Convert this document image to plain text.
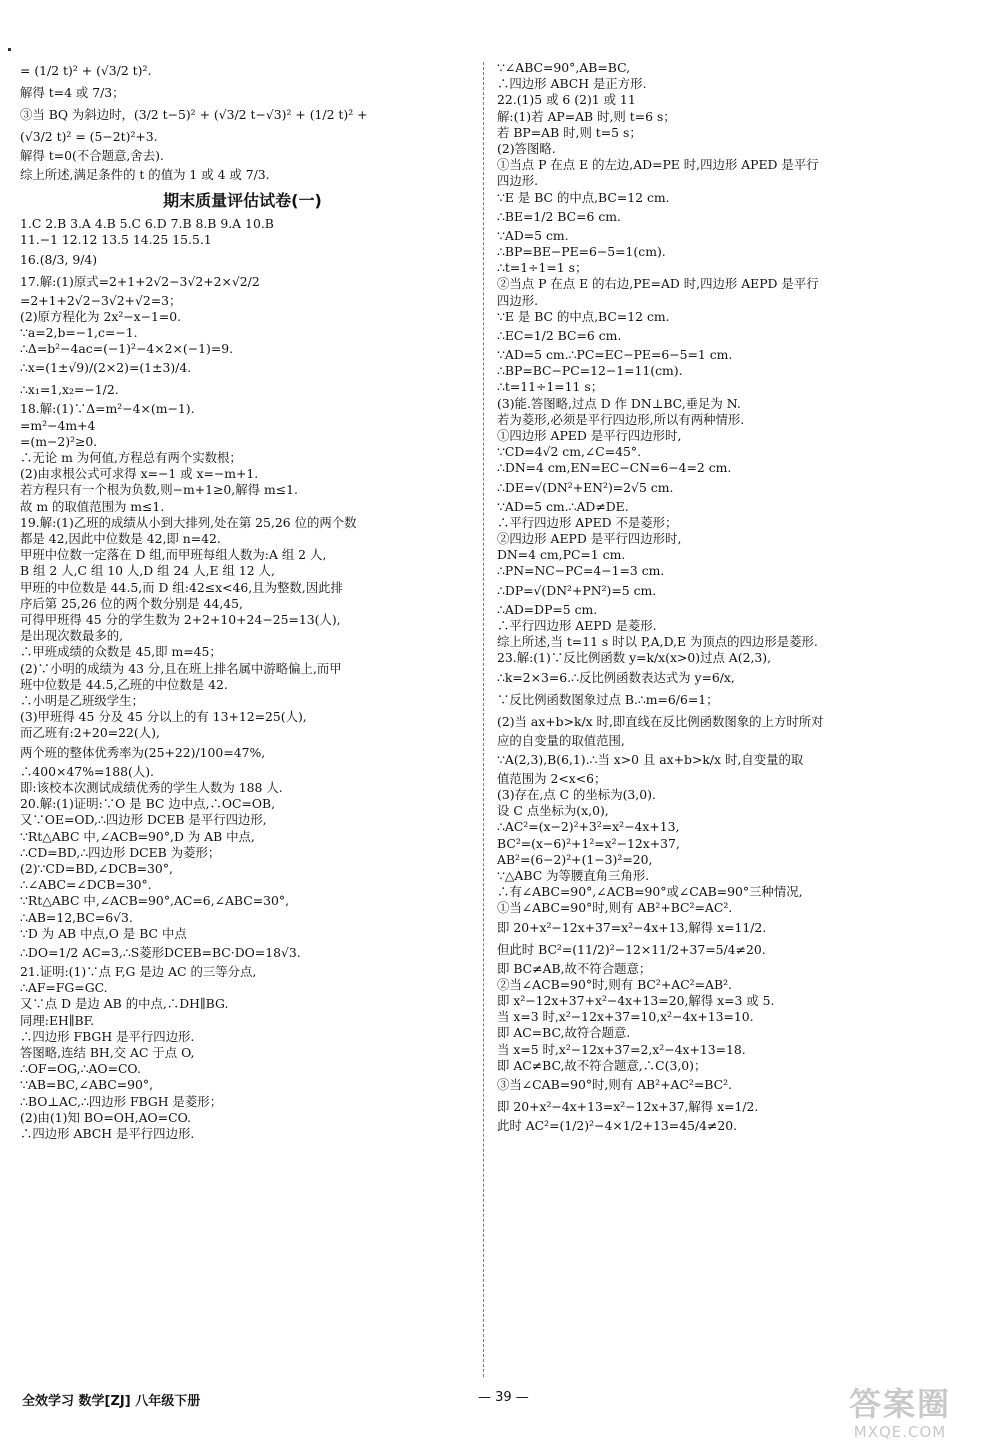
= (1/2 t)² + (√3/2 t)².
解得 t=4 或 7/3；
③当 BQ 为斜边时，(3/2 t−5)² + (√3/2 t−√3)² + (1/2 t)² +
(√3/2 t)² = (5−2t)²+3.
解得 t=0(不合题意,舍去).
综上所述,满足条件的 t 的值为 1 或 4 或 7/3.
期末质量评估试卷(一)
1.C 2.B 3.A 4.B 5.C 6.D 7.B 8.B 9.A 10.B
11.−1 12.12 13.5 14.25 15.5.1
16.(8/3, 9/4)
17.解:(1)原式=2+1+2√2−3√2+2×√2/2
=2+1+2√2−3√2+√2=3；
(2)原方程化为 2x²−x−1=0.
∵a=2,b=−1,c=−1.
∴Δ=b²−4ac=(−1)²−4×2×(−1)=9.
∴x=(1±√9)/(2×2)=(1±3)/4.
∴x₁=1,x₂=−1/2.
18.解:(1)∵Δ=m²−4×(m−1).
=m²−4m+4
=(m−2)²≥0.
∴无论 m 为何值,方程总有两个实数根；
(2)由求根公式可求得 x=−1 或 x=−m+1.
若方程只有一个根为负数,则−m+1≥0,解得 m≤1.
故 m 的取值范围为 m≤1.
19.解:(1)乙班的成绩从小到大排列,处在第 25,26 位的两个数
都是 42,因此中位数是 42,即 n=42.
甲班中位数一定落在 D 组,而甲班每组人数为:A 组 2 人,
B 组 2 人,C 组 10 人,D 组 24 人,E 组 12 人,
甲班的中位数是 44.5,而 D 组:42≤x<46,且为整数,因此排
序后第 25,26 位的两个数分别是 44,45,
可得甲班得 45 分的学生数为 2+2+10+24−25=13(人),
是出现次数最多的,
∴甲班成绩的众数是 45,即 m=45；
(2)∵小明的成绩为 43 分,且在班上排名属中游略偏上,而甲
班中位数是 44.5,乙班的中位数是 42.
∴小明是乙班级学生；
(3)甲班得 45 分及 45 分以上的有 13+12=25(人),
而乙班有:2+20=22(人),
两个班的整体优秀率为(25+22)/100=47%,
∴400×47%=188(人).
即:该校本次测试成绩优秀的学生人数为 188 人.
20.解:(1)证明:∵O 是 BC 边中点,∴OC=OB,
又∵OE=OD,∴四边形 DCEB 是平行四边形,
∵Rt△ABC 中,∠ACB=90°,D 为 AB 中点,
∴CD=BD,∴四边形 DCEB 为菱形；
(2)∵CD=BD,∠DCB=30°,
∴∠ABC=∠DCB=30°.
∵Rt△ABC 中,∠ACB=90°,AC=6,∠ABC=30°,
∴AB=12,BC=6√3.
∵D 为 AB 中点,O 是 BC 中点
∴DO=1/2 AC=3,∴S菱形DCEB=BC·DO=18√3.
21.证明:(1)∵点 F,G 是边 AC 的三等分点,
∴AF=FG=GC.
又∵点 D 是边 AB 的中点,∴DH∥BG.
同理:EH∥BF.
∴四边形 FBGH 是平行四边形.
答图略,连结 BH,交 AC 于点 O,
∴OF=OG,∴AO=CO.
∵AB=BC,∠ABC=90°,
∴BO⊥AC,∴四边形 FBGH 是菱形；
(2)由(1)知 BO=OH,AO=CO.
∴四边形 ABCH 是平行四边形.
∵∠ABC=90°,AB=BC,
∴四边形 ABCH 是正方形.
22.(1)5 或 6 (2)1 或 11
解:(1)若 AP=AB 时,则 t=6 s；
若 BP=AB 时,则 t=5 s；
(2)答图略.
①当点 P 在点 E 的左边,AD=PE 时,四边形 APED 是平行
四边形.
∵E 是 BC 的中点,BC=12 cm.
∴BE=1/2 BC=6 cm.
∵AD=5 cm.
∴BP=BE−PE=6−5=1(cm).
∴t=1÷1=1 s；
②当点 P 在点 E 的右边,PE=AD 时,四边形 AEPD 是平行
四边形.
∵E 是 BC 的中点,BC=12 cm.
∴EC=1/2 BC=6 cm.
∵AD=5 cm.∴PC=EC−PE=6−5=1 cm.
∴BP=BC−PC=12−1=11(cm).
∴t=11÷1=11 s；
(3)能.答图略,过点 D 作 DN⊥BC,垂足为 N.
若为菱形,必须是平行四边形,所以有两种情形.
①四边形 APED 是平行四边形时,
∵CD=4√2 cm,∠C=45°.
∴DN=4 cm,EN=EC−CN=6−4=2 cm.
∴DE=√(DN²+EN²)=2√5 cm.
∵AD=5 cm.∴AD≠DE.
∴平行四边形 APED 不是菱形；
②四边形 AEPD 是平行四边形时,
DN=4 cm,PC=1 cm.
∴PN=NC−PC=4−1=3 cm.
∴DP=√(DN²+PN²)=5 cm.
∴AD=DP=5 cm.
∴平行四边形 AEPD 是菱形.
综上所述,当 t=11 s 时以 P,A,D,E 为顶点的四边形是菱形.
23.解:(1)∵反比例函数 y=k/x(x>0)过点 A(2,3),
∴k=2×3=6.∴反比例函数表达式为 y=6/x,
∵反比例函数图象过点 B.∴m=6/6=1；
(2)当 ax+b>k/x 时,即直线在反比例函数图象的上方时所对
应的自变量的取值范围,
∵A(2,3),B(6,1).∴当 x>0 且 ax+b>k/x 时,自变量的取
值范围为 2<x<6；
(3)存在,点 C 的坐标为(3,0).
设 C 点坐标为(x,0),
∴AC²=(x−2)²+3²=x²−4x+13,
BC²=(x−6)²+1²=x²−12x+37,
AB²=(6−2)²+(1−3)²=20,
∵△ABC 为等腰直角三角形.
∴有∠ABC=90°,∠ACB=90°或∠CAB=90°三种情况,
①当∠ABC=90°时,则有 AB²+BC²=AC².
即 20+x²−12x+37=x²−4x+13,解得 x=11/2.
但此时 BC²=(11/2)²−12×11/2+37=5/4≠20.
即 BC≠AB,故不符合题意；
②当∠ACB=90°时,则有 BC²+AC²=AB².
即 x²−12x+37+x²−4x+13=20,解得 x=3 或 5.
当 x=3 时,x²−12x+37=10,x²−4x+13=10.
即 AC=BC,故符合题意.
当 x=5 时,x²−12x+37=2,x²−4x+13=18.
即 AC≠BC,故不符合题意,∴C(3,0)；
③当∠CAB=90°时,则有 AB²+AC²=BC².
即 20+x²−4x+13=x²−12x+37,解得 x=1/2.
此时 AC²=(1/2)²−4×1/2+13=45/4≠20.
全效学习 数学[ZJ] 八年级下册	— 39 —	答案圈
MXQE.COM
